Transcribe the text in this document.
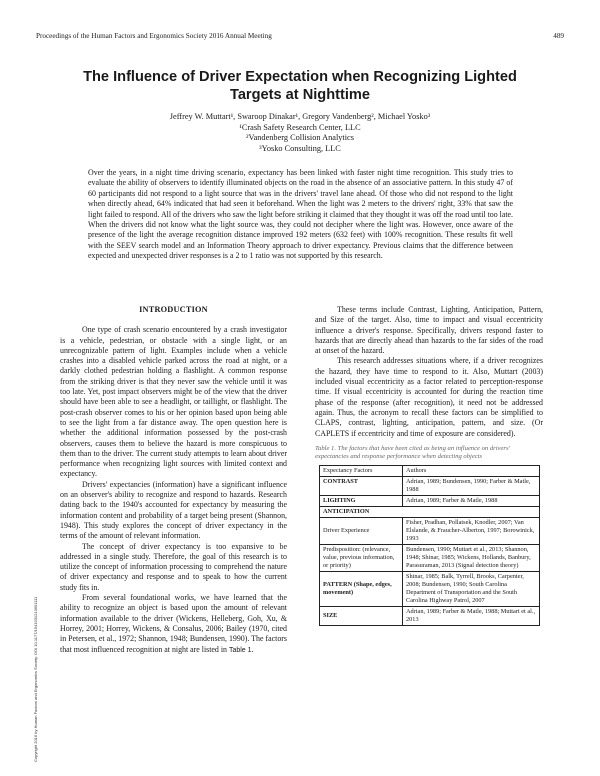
Proceedings of the Human Factors and Ergonomics Society 2016 Annual Meeting	489
The Influence of Driver Expectation when Recognizing Lighted Targets at Nighttime
Jeffrey W. Muttart¹, Swaroop Dinakar¹, Gregory Vandenberg², Michael Yosko³
¹Crash Safety Research Center, LLC
²Vandenberg Collision Analytics
³Yosko Consulting, LLC
Over the years, in a night time driving scenario, expectancy has been linked with faster night time recognition. This study tries to evaluate the ability of observers to identify illuminated objects on the road in the absence of an associative pattern. In this study 47 of 60 participants did not respond to a light source that was in the drivers' travel lane ahead. Of those who did not respond to the light when directly ahead, 64% indicated that had seen it beforehand. When the light was 2 meters to the drivers' right, 33% that saw the light failed to respond. All of the drivers who saw the light before striking it claimed that they thought it was off the road until too late. When the drivers did not know what the light source was, they could not decipher where the light was. However, once aware of the presence of the light the average recognition distance improved 192 meters (632 feet) with 100% recognition. These results fit well with the SEEV search model and an Information Theory approach to driver expectancy. Previous claims that the difference between expected and unexpected driver responses is a 2 to 1 ratio was not supported by this research.
Copyright 2016 by Human Factors and Ergonomics Society. DOI 10.1177/1541931213601111
INTRODUCTION

One type of crash scenario encountered by a crash investigator is a vehicle, pedestrian, or obstacle with a single light, or an unrecognizable pattern of light. Examples include when a vehicle crashes into a disabled vehicle parked across the road at night, or a darkly clothed pedestrian holding a flashlight. A common response from the striking driver is that they never saw the vehicle until it was too late. Yet, post impact observers might be of the view that the driver should have been able to see a headlight, or taillight, or flashlight. The post-crash observer comes to his or her opinion based upon being able to see the light from a far distance away. The open question here is whether the additional information possessed by the post-crash observers, causes them to believe the hazard is more conspicuous to them than to the driver. The current study attempts to learn about driver performance when recognizing light sources with limited context and expectancy.

Drivers' expectancies (information) have a significant influence on an observer's ability to recognize and respond to hazards. Research dating back to the 1940's accounted for expectancy by measuring the information content and probability of a target being present (Shannon, 1948). This study explores the concept of driver expectancy in the terms of the amount of relevant information.

The concept of driver expectancy is too expansive to be addressed in a single study. Therefore, the goal of this research is to utilize the concept of information processing to comprehend the nature of driver expectancy and response and to speak to how the current study fits in.

From several foundational works, we have learned that the ability to recognize an object is based upon the amount of relevant information available to the driver (Wickens, Helleberg, Goh, Xu, & Horrey, 2001; Horrey, Wickens, & Consalus, 2006; Bailey (1970, cited in Petersen, et al., 1972; Shannon, 1948; Bundensen, 1990). The factors that most influenced recognition at night are listed in Table 1.

These terms include Contrast, Lighting, Anticipation, Pattern, and Size of the target. Also, time to impact and visual eccentricity influence a driver's response. Specifically, drivers respond faster to hazards that are directly ahead than hazards to the far sides of the road at onset of the hazard.

This research addresses situations where, if a driver recognizes the hazard, they have time to respond to it. Also, Muttart (2003) included visual eccentricity as a factor related to perception-response time. If visual eccentricity is accounted for during the reaction time phase of the response (after recognition), it need not be addressed again. Thus, the acronym to recall these factors can be simplified to CLAPS, contrast, lighting, anticipation, pattern, and size. (Or CAPLETS if eccentricity and time of exposure are considered).

Table 1. The factors that have been cited as being an influence on drivers' expectancies and response performance when detecting objects
Expectancy Factors	Authors
CONTRAST	Adrian, 1989; Bundensen, 1990; Farber & Matle, 1988
LIGHTING	Adrian, 1989; Farber & Matle, 1988
ANTICIPATION	
Driver Experience	Fisher, Pradhan, Pollatsek, Knodler, 2007; Van Elslande, & Fraucher-Alberton, 1997; Borowinick, 1993
Predisposition: (relevance, value, previous information, or priority)	Bundensen, 1990; Muttart et al., 2013; Shannon, 1948; Shinar, 1985; Wickens, Hollands, Banbury, Parasuraman, 2013 (Signal detection theory)
PATTERN (Shape, edges, movement)	Shinar, 1985; Balk, Tyrrell, Brooks, Carpenter, 2008; Bundensen, 1990; South Carolina Department of Transportation and the South Carolina Highway Patrol, 2007
SIZE	Adrian, 1989; Farber & Matle, 1988; Muttart et al., 2013
